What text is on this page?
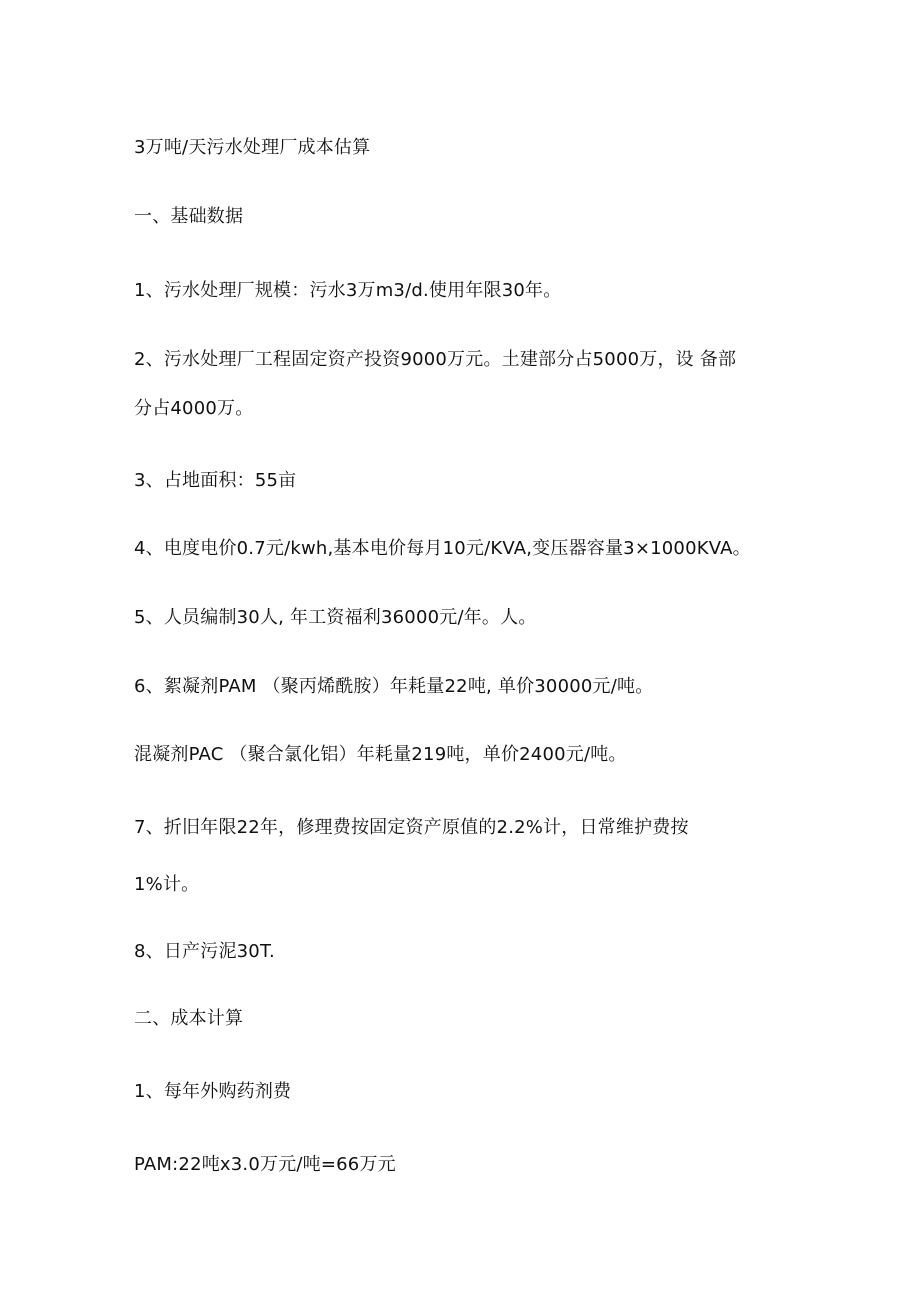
3万吨/天污水处理厂成本估算
一、基础数据
1、污水处理厂规模：污水3万m3/d.使用年限30年。
2、污水处理厂工程固定资产投资9000万元。土建部分占5000万，设 备部
分占4000万。
3、占地面积：55亩
4、电度电价0.7元/kwh,基本电价每月10元/KVA,变压器容量3×1000KVA。
5、人员编制30人, 年工资福利36000元/年。人。
6、絮凝剂PAM （聚丙烯酰胺）年耗量22吨, 单价30000元/吨。
混凝剂PAC （聚合氯化铝）年耗量219吨，单价2400元/吨。
7、折旧年限22年，修理费按固定资产原值的2.2%计，日常维护费按
1%计。
8、日产污泥30T.
二、成本计算
1、每年外购药剂费
PAM:22吨x3.0万元/吨=66万元
